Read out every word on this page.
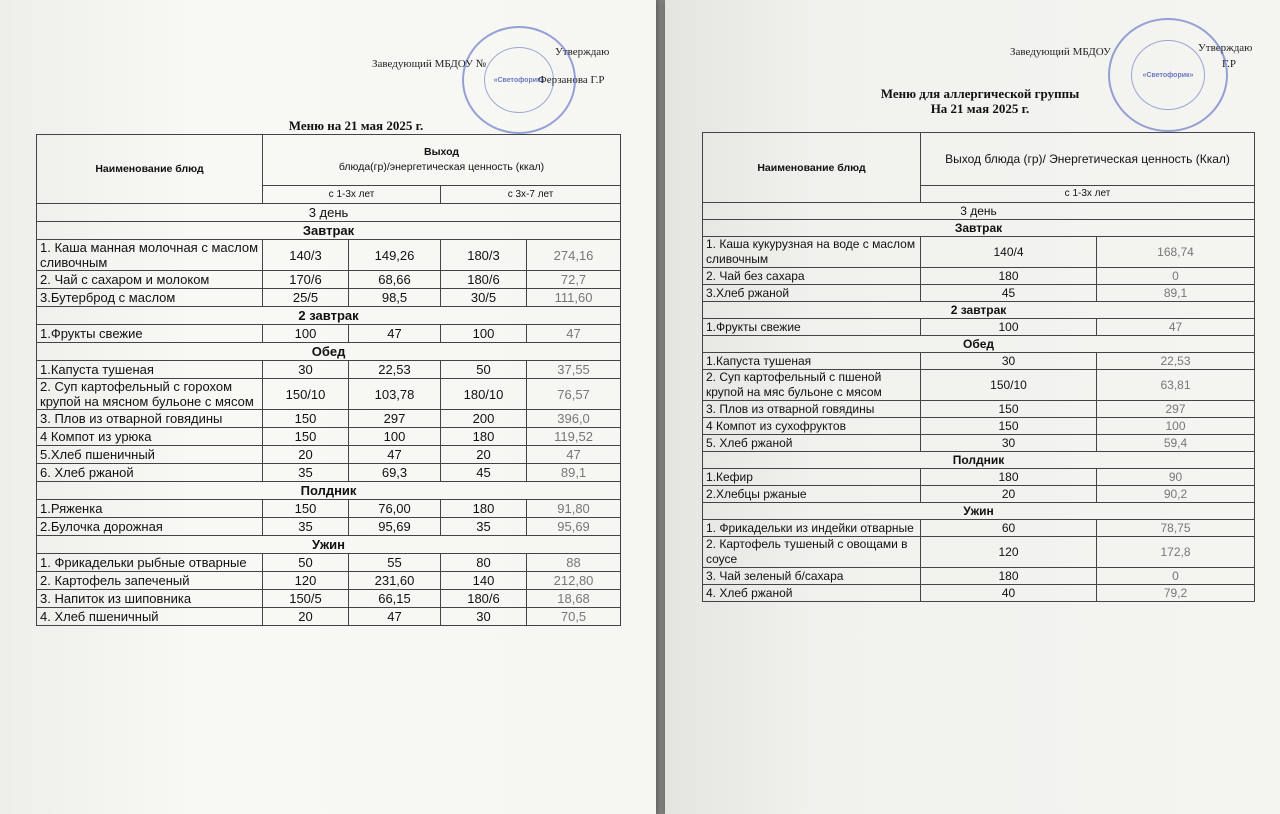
Заведующий МБДОУ №
Утверждаю
Ферзанова Г.Р
«Светофорик»
Меню на 21 мая 2025 г.
Наименование блюд	Выход
блюда(гр)/энергетическая ценность (ккал)			
	с 1-3х лет		с 3х-7 лет	
3 день				
Завтрак				
1. Каша манная молочная с маслом сливочным	140/3	149,26	180/3	274,16
2. Чай с сахаром и молоком	170/6	68,66	180/6	72,7
3.Бутерброд с маслом	25/5	98,5	30/5	111,60
2 завтрак				
1.Фрукты свежие	100	47	100	47
Обед				
1.Капуста тушеная	30	22,53	50	37,55
2. Суп картофельный с горохом крупой на мясном бульоне с мясом	150/10	103,78	180/10	76,57
3. Плов из отварной говядины	150	297	200	396,0
4 Компот из урюка	150	100	180	119,52
5.Хлеб пшеничный	20	47	20	47
6. Хлеб ржаной	35	69,3	45	89,1
Полдник				
1.Ряженка	150	76,00	180	91,80
2.Булочка дорожная	35	95,69	35	95,69
Ужин				
1. Фрикадельки рыбные отварные	50	55	80	88
2. Картофель запеченый	120	231,60	140	212,80
3. Напиток из шиповника	150/5	66,15	180/6	18,68
4. Хлеб пшеничный	20	47	30	70,5
Заведующий МБДОУ	Утверждаю
Г.Р
«Светофорик»
Меню для аллергической группы
На 21 мая 2025 г.
Наименование блюд	Выход блюда (гр)/ Энергетическая ценность (Ккал)	
	с 1-3х лет	
3 день		
Завтрак		
1. Каша кукурузная на воде с маслом сливочным	140/4	168,74
2. Чай без сахара	180	0
3.Хлеб ржаной	45	89,1
2 завтрак		
1.Фрукты свежие	100	47
Обед		
1.Капуста тушеная	30	22,53
2. Суп картофельный с пшеной крупой на мяс бульоне с мясом	150/10	63,81
3. Плов из отварной говядины	150	297
4 Компот из сухофруктов	150	100
5. Хлеб ржаной	30	59,4
Полдник		
1.Кефир	180	90
2.Хлебцы ржаные	20	90,2
Ужин		
1. Фрикадельки из индейки отварные	60	78,75
2. Картофель тушеный с овощами в соусе	120	172,8
3. Чай зеленый б/сахара	180	0
4. Хлеб ржаной	40	79,2
